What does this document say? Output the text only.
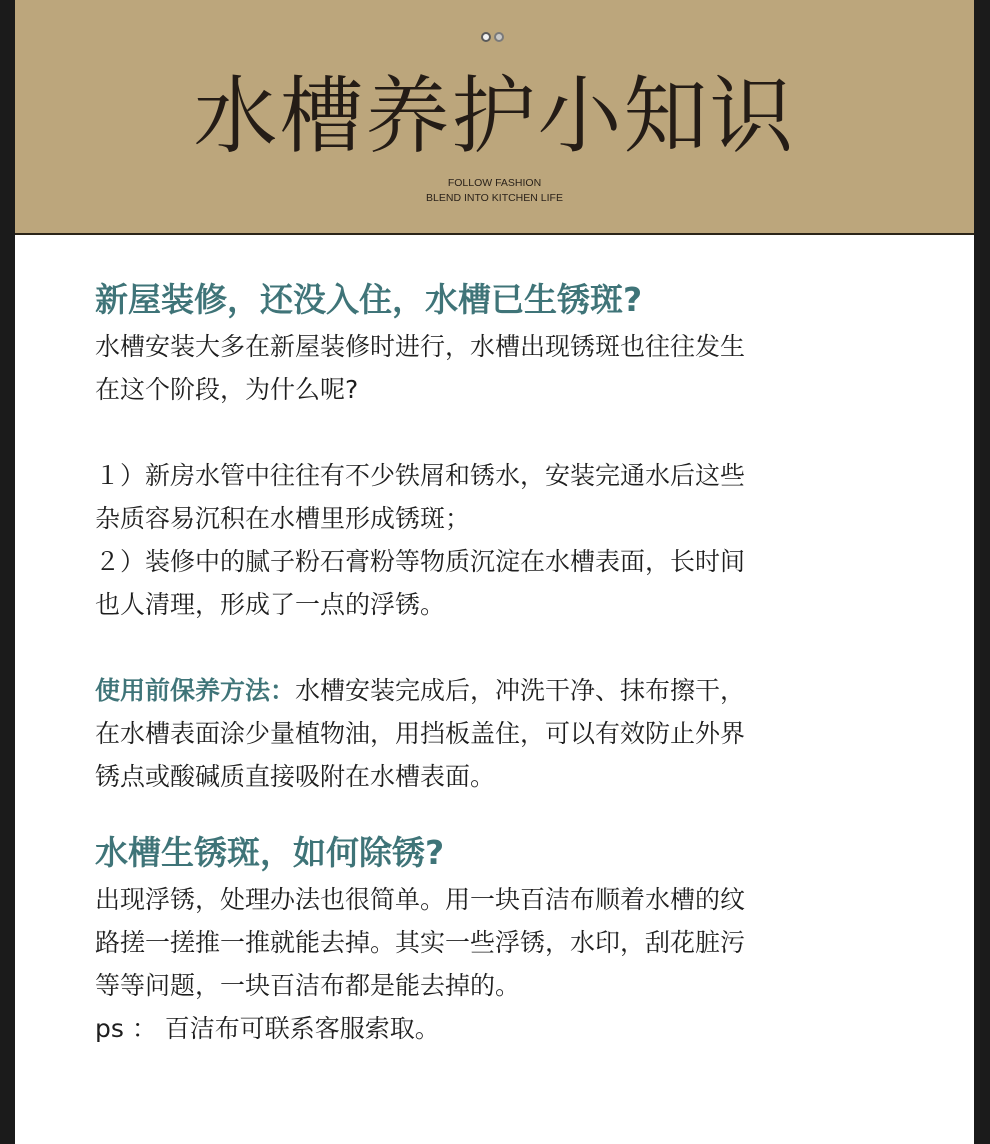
水槽养护小知识
FOLLOW FASHION
BLEND INTO KITCHEN LIFE
新屋装修，还没入住，水槽已生锈斑?

水槽安装大多在新屋装修时进行，水槽出现锈斑也往往发生

在这个阶段，为什么呢?

１）新房水管中往往有不少铁屑和锈水，安装完通水后这些

杂质容易沉积在水槽里形成锈斑；

２）装修中的腻子粉石膏粉等物质沉淀在水槽表面，长时间

也人清理，形成了一点的浮锈。

使用前保养方法：水槽安装完成后，冲洗干净、抹布擦干，

在水槽表面涂少量植物油，用挡板盖住，可以有效防止外界

锈点或酸碱质直接吸附在水槽表面。

水槽生锈斑，如何除锈?

出现浮锈，处理办法也很简单。用一块百洁布顺着水槽的纹

路搓一搓推一推就能去掉。其实一些浮锈，水印，刮花脏污

等等问题，一块百洁布都是能去掉的。

ps ： 百洁布可联系客服索取。
